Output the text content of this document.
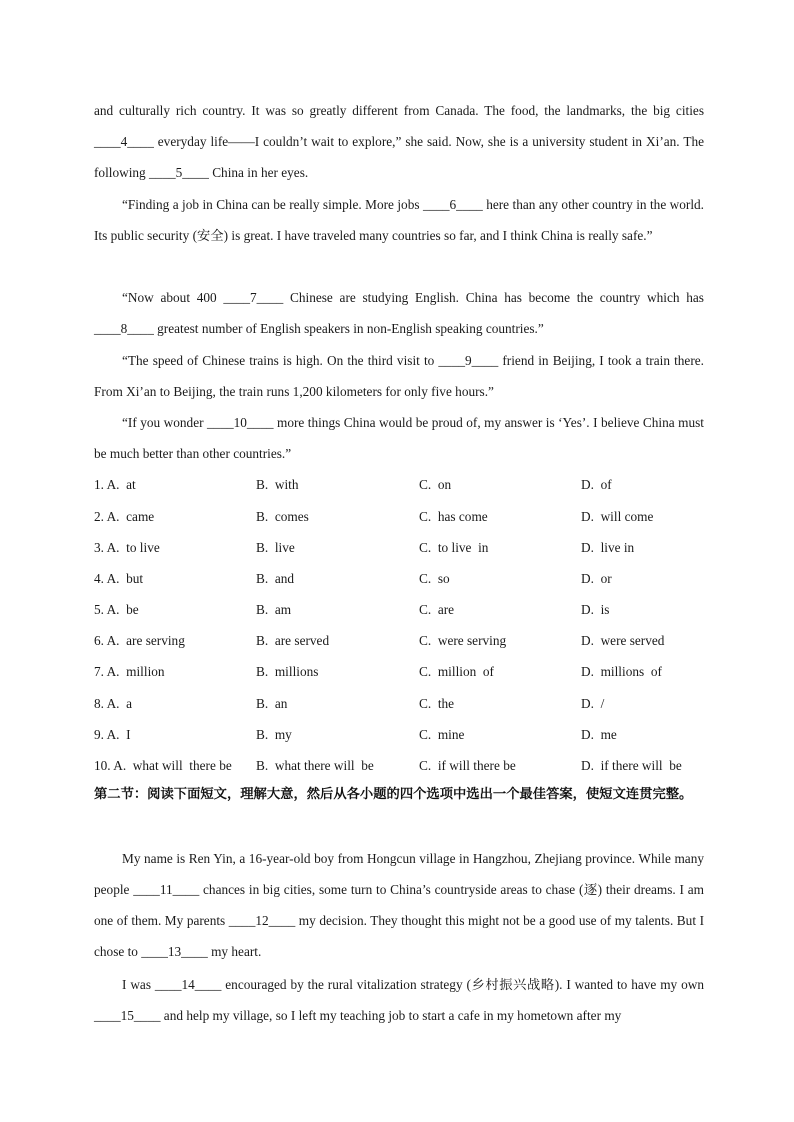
and culturally rich country. It was so greatly different from Canada. The food, the landmarks, the big cities ____4____ everyday life——I couldn’t wait to explore,” she said. Now, she is a university student in Xi’an. The following ____5____ China in her eyes.

“Finding a job in China can be really simple. More jobs ____6____ here than any other country in the world. Its public security (安全) is great. I have traveled many countries so far, and I think China is really safe.”

“Now about 400 ____7____ Chinese are studying English. China has become the country which has ____8____ greatest number of English speakers in non-English speaking countries.”

“The speed of Chinese trains is high. On the third visit to ____9____ friend in Beijing, I took a train there. From Xi’an to Beijing, the train runs 1,200 kilometers for only five hours.”

“If you wonder ____10____ more things China would be proud of, my answer is ‘Yes’. I believe China must be much better than other countries.”

1. A.  at	B.  with	C.  on	D.  of
2. A.  came	B.  comes	C.  has come	D.  will come
3. A.  to live	B.  live	C.  to live  in	D.  live in
4. A.  but	B.  and	C.  so	D.  or
5. A.  be	B.  am	C.  are	D.  is
6. A.  are serving	B.  are served	C.  were serving	D.  were served
7. A.  million	B.  millions	C.  million  of	D.  millions  of
8. A.  a	B.  an	C.  the	D.  /
9. A.  I	B.  my	C.  mine	D.  me
10. A.  what will  there be B.  what there will  be	C.  if will there be	D.  if there will  be
第二节：阅读下面短文，理解大意，然后从各小题的四个选项中选出一个最佳答案，使短文连贯完整。

My name is Ren Yin, a 16-year-old boy from Hongcun village in Hangzhou, Zhejiang province. While many people ____11____ chances in big cities, some turn to China’s countryside areas to chase (逐) their dreams. I am one of them. My parents ____12____ my decision. They thought this might not be a good use of my talents. But I chose to ____13____ my heart.

I was ____14____ encouraged by the rural vitalization strategy (乡村振兴战略). I wanted to have my own ____15____ and help my village, so I left my teaching job to start a cafe in my hometown after my
